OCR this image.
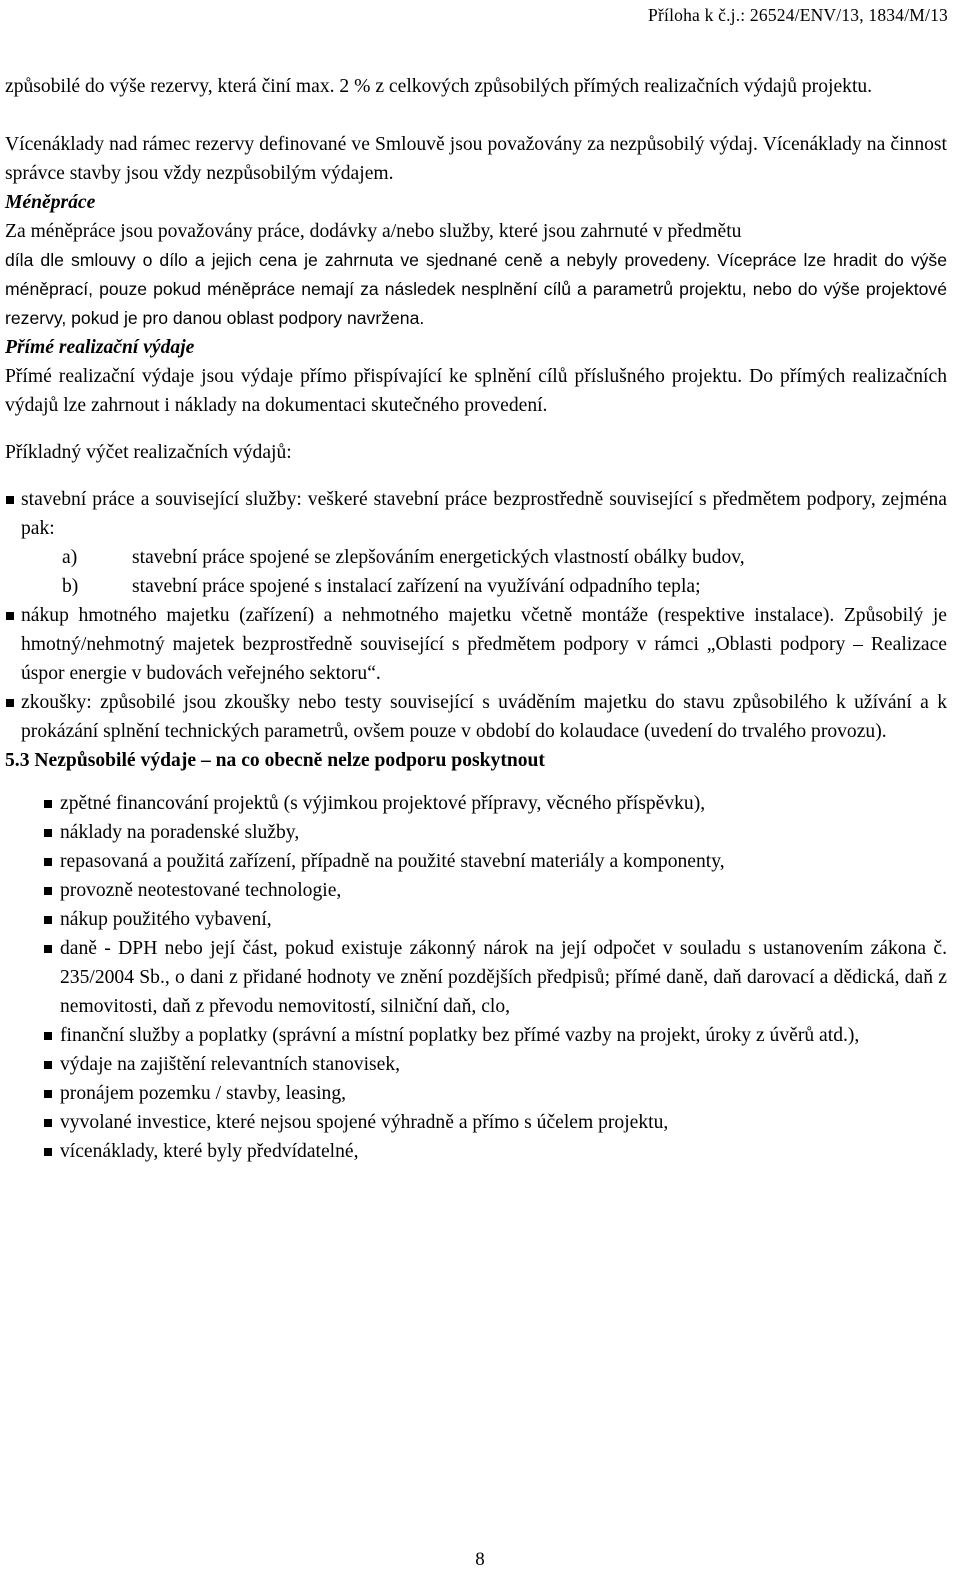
Příloha k č.j.: 26524/ENV/13, 1834/M/13

způsobilé do výše rezervy, která činí max. 2 % z celkových způsobilých přímých realizačních výdajů projektu.

Vícenáklady nad rámec rezervy definované ve Smlouvě jsou považovány za nezpůsobilý výdaj. Vícenáklady na činnost správce stavby jsou vždy nezpůsobilým výdajem.

Méněpráce

Za méněpráce jsou považovány práce, dodávky a/nebo služby, které jsou zahrnuté v předmětu

díla dle smlouvy o dílo a jejich cena je zahrnuta ve sjednané ceně a nebyly provedeny. Vícepráce lze hradit do výše méněprací, pouze pokud méněpráce nemají za následek nesplnění cílů a parametrů projektu, nebo do výše projektové rezervy, pokud je pro danou oblast podpory navržena.

Přímé realizační výdaje

Přímé realizační výdaje jsou výdaje přímo přispívající ke splnění cílů příslušného projektu. Do přímých realizačních výdajů lze zahrnout i náklady na dokumentaci skutečného provedení.

Příkladný výčet realizačních výdajů:

stavební práce a související služby: veškeré stavební práce bezprostředně související s předmětem podpory, zejména pak:
a)	stavební práce spojené se zlepšováním energetických vlastností obálky budov,
b)	stavební práce spojené s instalací zařízení na využívání odpadního tepla;
nákup hmotného majetku (zařízení) a nehmotného majetku včetně montáže (respektive instalace). Způsobilý je hmotný/nehmotný majetek bezprostředně související s předmětem podpory v rámci „Oblasti podpory – Realizace úspor energie v budovách veřejného sektoru“.
zkoušky: způsobilé jsou zkoušky nebo testy související s uváděním majetku do stavu způsobilého k užívání a k prokázání splnění technických parametrů, ovšem pouze v období do kolaudace (uvedení do trvalého provozu).
5.3 Nezpůsobilé výdaje – na co obecně nelze podporu poskytnout
zpětné financování projektů (s výjimkou projektové přípravy, věcného příspěvku),
náklady na poradenské služby,
repasovaná a použitá zařízení, případně na použité stavební materiály a komponenty,
provozně neotestované technologie,
nákup použitého vybavení,
daně - DPH nebo její část, pokud existuje zákonný nárok na její odpočet v souladu s ustanovením zákona č. 235/2004 Sb., o dani z přidané hodnoty ve znění pozdějších předpisů; přímé daně, daň darovací a dědická, daň z nemovitosti, daň z převodu nemovitostí, silniční daň, clo,
finanční služby a poplatky (správní a místní poplatky bez přímé vazby na projekt, úroky z úvěrů atd.),
výdaje na zajištění relevantních stanovisek,
pronájem pozemku / stavby, leasing,
vyvolané investice, které nejsou spojené výhradně a přímo s účelem projektu,
vícenáklady, které byly předvídatelné,
8
